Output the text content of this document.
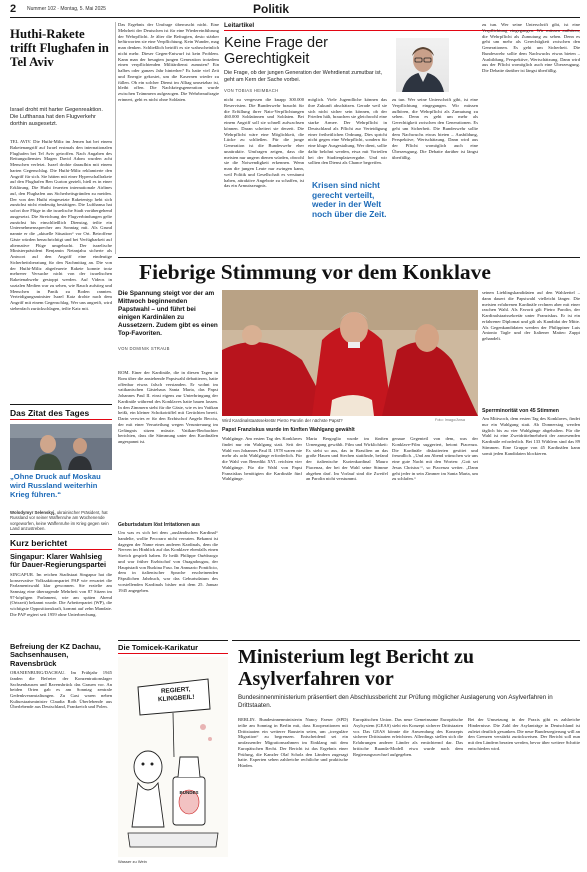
2 Nummer 102 · Montag, 5. Mai 2025	Politik
Huthi-Rakete trifft Flughafen in Tel Aviv
Israel droht mit harter Gegenreaktion. Die Lufthansa hat den Flugverkehr dorthin ausgesetzt.
TEL AVIV. Die Huthi-Miliz im Jemen hat bei einem Raketenangriff auf Israel erstmals den internationalen Flughafen bei Tel Aviv getroffen. Nach Angaben des Rettungsdienstes Magen David Adom wurden acht Menschen verletzt. Israel drohte daraufhin mit einem harten Gegenschlag. Die Huthi-Miliz reklamierte den Angriff für sich. Sie hätten mit einer Hyperschallrakete auf den Flughafen Ben Gurion gezielt, hieß es in einer Erklärung. Die Huthi feuerten internationale Airlines auf, den Flughafen aus Sicherheitsgründen zu meiden. Der von den Huthi eingesetzte Raketentyp hebt sich zunächst nicht eindeutig bestätigen. Die Lufthansa hat sofort ihre Flüge in die israelische Stadt vorübergehend ausgesetzt. Die Streichung der Flugverbindungen gelte zunächst bis einschließlich Dienstag, teilte ein Unternehmenssprecher am Sonntag mit. Als Grund nannte er die „aktuelle Situation“ vor Ort. Betroffene Gäste würden benachrichtigt und bei Verfügbarkeit auf alternative Flüge umgebucht. Der israelische Ministerpräsident Benjamin Netanjahu sicherte als Antwort auf den Angriff eine eindeutige Sicherheitsberatung für den Nachmittag an. Die von der Huthi-Miliz abgefeuerte Rakete konnte trotz mehrerer Versuche nicht von der israelischen Raketenabwehr gestoppt werden. Auf Videos in sozialen Medien war zu sehen, wie Rauch aufstieg und Menschen in Panik zu Boden rannten. Verteidigungsminister Israel Katz drohte nach dem Angriff mit einem Gegenschlag. Wer uns angreift, wird siebenfach zurückschlagen, teilte Katz mit.
Das Ergebnis der Umfrage überrascht nicht. Eine Mehrheit der Deutschen ist für eine Wiedereinführung der Wehrpflicht. Je älter die Befragten, desto stärker befürworten sie eine Verpflichtung. Kein Wunder, mag man denken. Schließlich betrifft es sie wahrscheinlich nicht mehr. Dieser Gegen-Entwurf ist kein Problem. Kann man der besagten jungen Generation trotzdem einen verpflichtenden Militärdienst zumuten? Ein halbes oder ganzes Jahr hinterher? Es hatte viel Zeit und Energie gekostet, um die Kasernen wieder zu füllen. Ob ein solcher Dienst im Alltag umsetzbar ist, bleibt offen. Die Nachkriegsgeneration wurde zwischen Trümmern aufgezogen. Die Wehrbeauftragte erinnert, geht es nicht ohne Soldaten.
Leitartikel
Keine Frage der Gerechtigkeit
Die Frage, ob der jungen Generation der Wehrdienst zumutbar ist, geht am Kern der Sache vorbei.
VON TOBIAS HEIMBACH
nicht zu vergessen die knapp 300.000 Reservisten. Die Bundeswehr braucht für die Erfüllung ihrer Nato-Verpflichtungen 460.000 Soldatinnen und Soldaten. Bei einem Angriff soll sie schnell aufwachsen können. Daran scheitert sie derzeit. Die Wehrpflicht wäre eine Möglichkeit, die Lücke zu schließen. Für die junge Generation ist die Bundeswehr eher unattraktiv. Umfragen zeigen, dass die meisten nur ungern dienen würden, obwohl sie die Notwendigkeit erkennen. Wenn man die jungen Leute nur zwingen kann, weil Politik und Gesellschaft es versäumt haben, attraktive Angebote zu schaffen, ist das ein Armutszeugnis.
möglich. Viele Jugendliche können das ihre Zukunft abschätzen. Gerade weil sie sich nicht sicher sein können, ob der Frieden hält, brauchen sie gleichwohl eine starke Armee. Der Wehrpflicht in Deutschland als Pflicht zur Verteidigung einer freiheitlichen Ordnung. Dies spricht nicht gegen eine Wehrpflicht, sondern für eine kluge Ausgestaltung. Wer dient, sollte dafür belohnt werden, etwa mit Vorteilen bei der Studienplatzvergabe. Und wir sollten den Dienst als Chance begreifen.
Krisen sind nicht gerecht verteilt, weder in der Welt noch über die Zeit.
zu tun. Wer seine Unterschrift gibt, ist eine Verpflichtung eingegangen. Wir müssen aufhören, die Wehrpflicht als Zumutung zu sehen. Denn es geht um mehr als Gerechtigkeit zwischen den Generationen. Es geht um Sicherheit. Die Bundeswehr sollte dem Nachwuchs etwas bieten – Ausbildung, Perspektive, Wertschätzung. Dann wird aus der Pflicht womöglich auch eine Überzeugung. Die Debatte darüber ist längst überfällig.
zu tun. Wer seine Unterschrift gibt, ist eine Verpflichtung eingegangen. Wir müssen aufhören, die Wehrpflicht als Zumutung zu sehen. Denn es geht um mehr als Gerechtigkeit zwischen den Generationen. Es geht um Sicherheit. Die Bundeswehr sollte dem Nachwuchs etwas bieten – Ausbildung, Perspektive, Wertschätzung. Dann wird aus der Pflicht womöglich auch eine Überzeugung. Die Debatte darüber ist längst überfällig.
Fiebrige Stimmung vor dem Konklave
Die Spannung steigt vor der am Mittwoch beginnenden Papstwahl – und führt bei einigen Kardinälen zu Aussetzern. Zudem gibt es einen Top-Favoriten.
VON DOMINIK STRAUB
Wird Kardinalstaatssekretär Pietro Parolin der nächste Papst?	Foto: Imago/Ansa
ROM. Einer der Kardinäle, die in diesen Tagen in Rom über die anstehende Papstwahl debattieren, hatte offenbar etwas falsch verstanden. Er wohnt im vatikanischen Gästehaus Santa Marta, das Papst Johannes Paul II. einst eigens zur Unterbringung der Kardinäle während des Konklaves hatte bauen lassen. In den Zimmern steht für die Gäste, wie es im Vatikan heißt, ein kleiner Schokotrüffel mit Gerüchten bereit. Darin verwies er für den Erzbischof Angelo Becciu, der mit einer Verurteilung wegen Veruntreuung im Gefängnis sitzen müsste. Vatikan-Beobachter berichten, dass die Stimmung unter den Kardinälen angespannt ist.
Geburtsdatum löst Irritationen aus
Um was es sich bei dem „ausländischen Kardinal“ handelte, wollte Pecoraro nicht verraten. Bekannt ist dagegen der Name eines anderen Kardinals, dem die Nerven im Hinblick auf das Konklave ebenfalls einen Streich gespielt haben. Er heißt Philippe Ouédraogo und war früher Erzbischof von Ouagadougou, der Hauptstadt von Burkina Faso. Im Annuario Pontificio, dem in italienischer Sprache erscheinenden Päpstlichen Jahrbuch, war das Geburtsdatum des vorstellenden Kardinals bisher mit dem 25. Januar 1945 angegeben.
Papst Franziskus wurde im fünften Wahlgang gewählt
Wahlgänge. Am ersten Tag des Konklaves findet nur ein Wahlgang statt. Seit der Wahl von Johannes Paul II. 1978 waren nie mehr als acht Wahlgänge erforderlich. Für die Wahl von Benedikt XVI. reichten vier Wahlgänge. Für die Wahl von Papst Franziskus benötigten die Kardinäle fünf Wahlgänge.
Maria Bergoglio wurde im fünften Urnengang gewählt. Film und Wirklichkeit: Es sieht so aus, das in Brasilien an das große Hauen und Stechen stattfinde, befand der italienische Kurienkardinal Mauro Piacenza, der bei der Wahl seine Stimme abgeben darf. Im Vorlauf sind die Zweifel an Parolin nicht verstummt.
genaue Gegenteil von dem, was der Konklave-Film suggeriert, betont Piacenza. Die Kardinäle diskutierten gesittet und freundlich. „Und am Abend wünschen wir uns eine gute Nacht mit den Worten: ‚Gott sei Jesus Christus‘“, so Piacenza weiter. „Dann geht jeder in sein Zimmer im Santa Marta, um zu schlafen.“
seinen Lieblingskandidaten auf den Wahlzettel – dann dauert die Papstwahl vielleicht länger. Die meisten erfahrenen Kardinäle rechnen aber mit einer raschen Wahl. Als Favorit gilt Pietro Parolin, der Kardinalstaatssekretär unter Franziskus. Er ist ein erfahrener Diplomat und gilt als Kandidat der Mitte. Als Gegenkandidaten werden der Philippiner Luis Antonio Tagle und der Italiener Matteo Zuppi gehandelt.
Sperrminorität von 45 Stimmen
Am Mittwoch, dem ersten Tag des Konklaves, findet nur ein Wahlgang statt. Ab Donnerstag werden täglich bis zu vier Wahlgänge abgehalten. Für die Wahl ist eine Zweidrittelmehrheit der anwesenden Kardinäle erforderlich. Bei 133 Wählern sind das 89 Stimmen. Eine Gruppe von 45 Kardinälen kann somit jeden Kandidaten blockieren.
Das Zitat des Tages
„Ohne Druck auf Moskau wird Russland weiterhin Krieg führen.“
Wolodymyr Selenskyj, ukrainischer Präsident, hat Russland vor seiner Waffenruhe am Wochenende vorgeworfen, keine Waffenruhe im Krieg gegen sein Land anzustreben.
Kurz berichtet
Singapur: Klarer Wahlsieg für Dauer-Regierungspartei
SINGAPUR. Im reichen Stadtstaat Singapur hat die konservative Volksaktionspartei PAP wie erwartet die Parlamentswahl klar gewonnen. Sie erzielte am Samstag eine überragende Mehrheit von 87 Sitzen im 97-köpfigen Parlament, wie am späten Abend (Ortszeit) bekannt wurde. Die Arbeiterpartei (WP), die wichtigste Oppositionskraft, kommt auf zehn Mandate. Die PAP regiert seit 1959 ohne Unterbrechung.
Befreiung der KZ Dachau, Sachsenhausen, Ravensbrück
ORANIENBURG/DACHAU. Im Frühjahr 1945 fanden die Befreier der Konzentrationslager Sachsenhausen und Ravensbrück das Grauen vor. An beiden Orten gab es am Sonntag zentrale Gedenkveranstaltungen. Zu Gast waren neben Kulturstaatsminister Claudia Roth Überlebende aus Überlebende aus Deutschland, Frankreich und Polen.
Die Tomicek-Karikatur
REGIERT, KLINGBEIL!
BUNDES
Wasser zu Wein
Ministerium legt Bericht zu Asylverfahren vor
Bundesinnenministerium präsentiert den Abschlussbericht zur Prüfung möglicher Auslagerung von Asylverfahren in Drittstaaten.
BERLIN. Bundesinnenministerin Nancy Faeser (SPD) teilte am Sonntag in Berlin mit, dass Kooperationen mit Drittstaaten ein weiterer Baustein seien, um „irreguläre Migration“ zu begrenzen. Entscheidend sei ein umfassender Migrationsrahmen im Einklang mit dem Europäischen Recht. Der Bericht ist das Ergebnis einer Prüfung, die Kanzler Olaf Scholz den Ländern zugesagt hatte. Experten sehen zahlreiche rechtliche und praktische Hürden.
Europäischen Union. Das neue Gemeinsame Europäische Asylsystem (GEAS) sieht ein Konzept sicherer Drittstaaten vor. Das GEAS könnte die Anwendung des Konzepts sicherer Drittstaaten erleichtern. Allerdings stellen sich die Erfahrungen anderer Länder als ernüchternd dar. Das britische Ruanda-Modell etwa wurde nach dem Regierungswechsel aufgegeben.
Bei der Umsetzung in der Praxis gibt es zahlreiche Hindernisse. Die Zahl der Asylanträge in Deutschland ist zuletzt deutlich gesunken. Die neue Bundesregierung will an den Grenzen verstärkt zurückweisen. Der Bericht soll nun mit den Ländern beraten werden, bevor über weitere Schritte entschieden wird.
